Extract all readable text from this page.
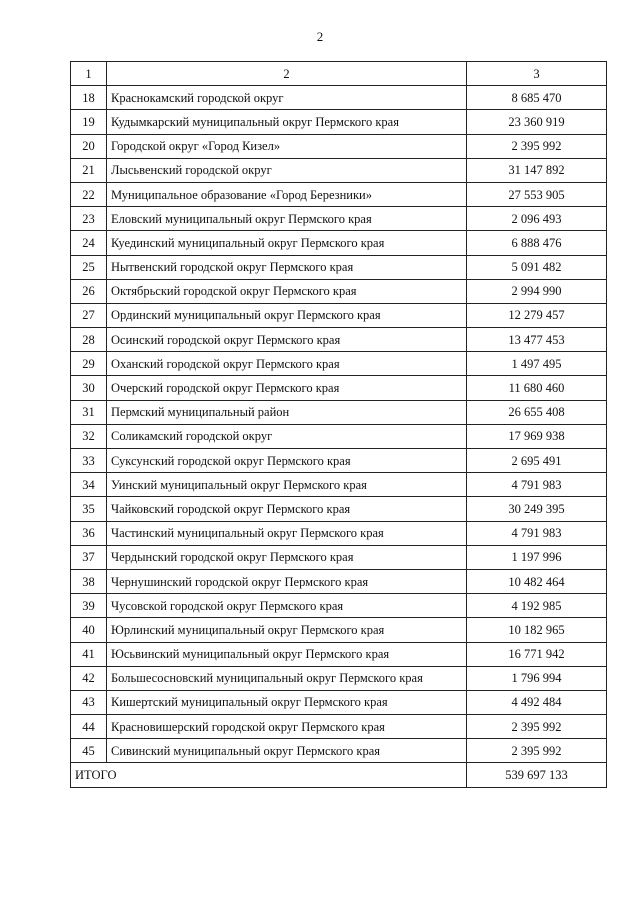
2
1	2	3
18	Краснокамский городской округ	8 685 470
19	Кудымкарский муниципальный округ Пермского края	23 360 919
20	Городской округ «Город Кизел»	2 395 992
21	Лысьвенский городской округ	31 147 892
22	Муниципальное образование «Город Березники»	27 553 905
23	Еловский муниципальный округ Пермского края	2 096 493
24	Куединский муниципальный округ Пермского края	6 888 476
25	Нытвенский городской округ Пермского края	5 091 482
26	Октябрьский городской округ Пермского края	2 994 990
27	Ординский муниципальный округ Пермского края	12 279 457
28	Осинский городской округ Пермского края	13 477 453
29	Оханский городской округ Пермского края	1 497 495
30	Очерский городской округ Пермского края	11 680 460
31	Пермский муниципальный район	26 655 408
32	Соликамский городской округ	17 969 938
33	Суксунский городской округ Пермского края	2 695 491
34	Уинский муниципальный округ Пермского края	4 791 983
35	Чайковский городской округ Пермского края	30 249 395
36	Частинский муниципальный округ Пермского края	4 791 983
37	Чердынский городской округ Пермского края	1 197 996
38	Чернушинский городской округ Пермского края	10 482 464
39	Чусовской городской округ Пермского края	4 192 985
40	Юрлинский муниципальный округ Пермского края	10 182 965
41	Юсьвинский муниципальный округ Пермского края	16 771 942
42	Большесосновский муниципальный округ Пермского края	1 796 994
43	Кишертский муниципальный округ Пермского края	4 492 484
44	Красновишерский городской округ Пермского края	2 395 992
45	Сивинский муниципальный округ Пермского края	2 395 992
ИТОГО		539 697 133
